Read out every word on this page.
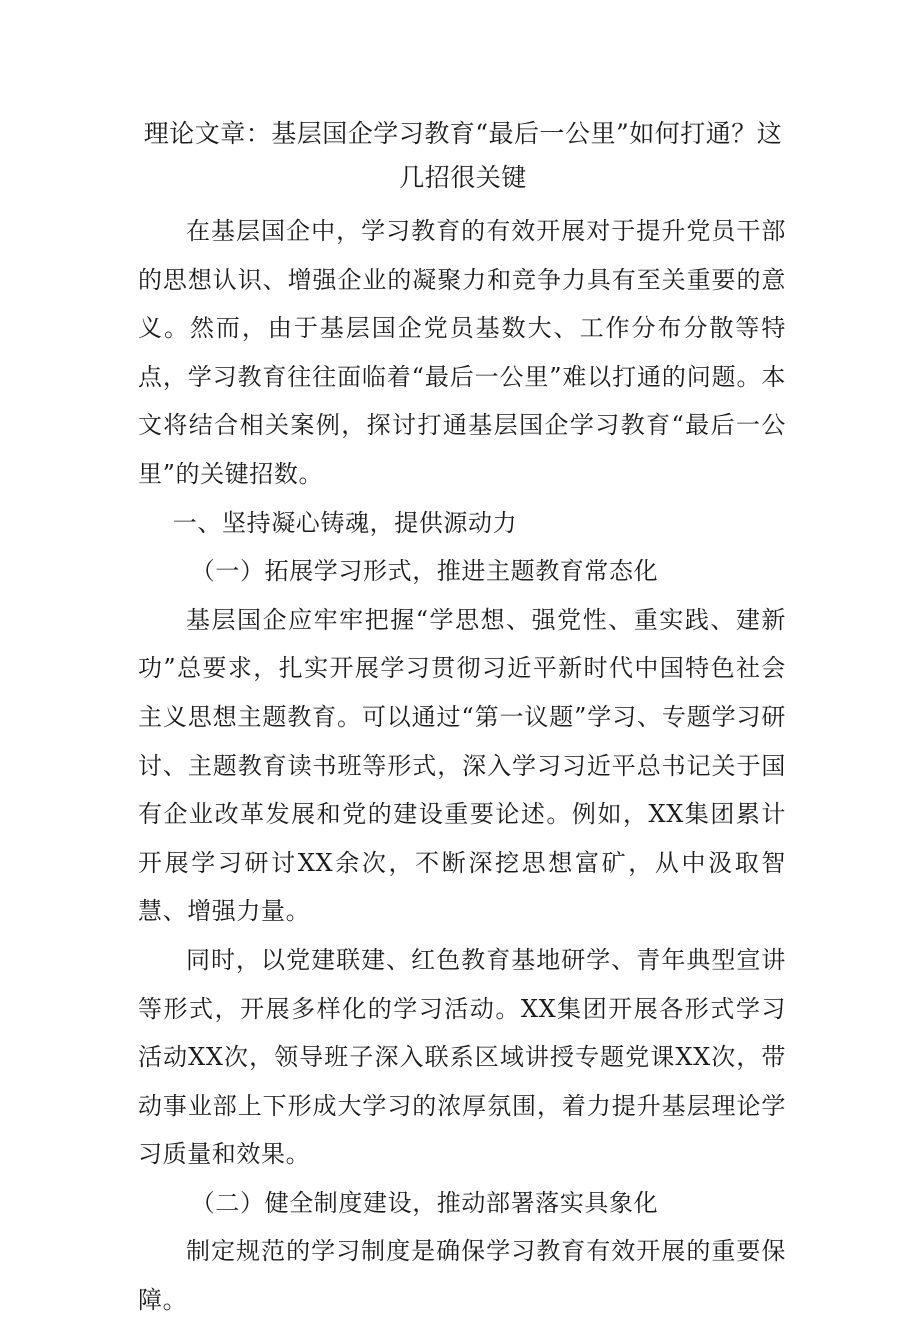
理论文章：基层国企学习教育“最后一公里”如何打通？这几招很关键

在基层国企中，学习教育的有效开展对于提升党员干部的思想认识、增强企业的凝聚力和竞争力具有至关重要的意义。然而，由于基层国企党员基数大、工作分布分散等特点，学习教育往往面临着“最后一公里”难以打通的问题。本文将结合相关案例，探讨打通基层国企学习教育“最后一公里”的关键招数。

一、坚持凝心铸魂，提供源动力

（一）拓展学习形式，推进主题教育常态化

基层国企应牢牢把握“学思想、强党性、重实践、建新功”总要求，扎实开展学习贯彻习近平新时代中国特色社会主义思想主题教育。可以通过“第一议题”学习、专题学习研讨、主题教育读书班等形式，深入学习习近平总书记关于国有企业改革发展和党的建设重要论述。例如，XX集团累计开展学习研讨XX余次，不断深挖思想富矿，从中汲取智慧、增强力量。

同时，以党建联建、红色教育基地研学、青年典型宣讲等形式，开展多样化的学习活动。XX集团开展各形式学习活动XX次，领导班子深入联系区域讲授专题党课XX次，带动事业部上下形成大学习的浓厚氛围，着力提升基层理论学习质量和效果。

（二）健全制度建设，推动部署落实具象化

制定规范的学习制度是确保学习教育有效开展的重要保障。
